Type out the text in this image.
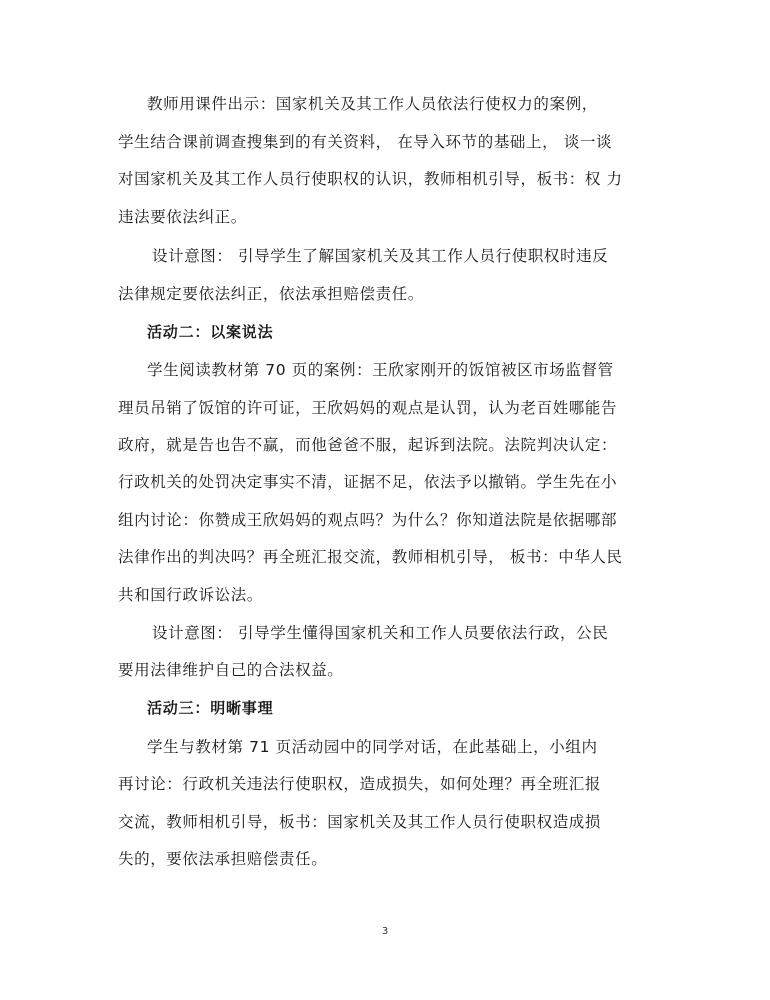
教师用课件出示：国家机关及其工作人员依法行使权力的案例，
学生结合课前调查搜集到的有关资料， 在导入环节的基础上， 谈一谈
对国家机关及其工作人员行使职权的认识，教师相机引导，板书：权 力
违法要依法纠正。
设计意图： 引导学生了解国家机关及其工作人员行使职权时违反
法律规定要依法纠正，依法承担赔偿责任。
活动二：以案说法
学生阅读教材第 70 页的案例：王欣家刚开的饭馆被区市场监督管
理员吊销了饭馆的许可证，王欣妈妈的观点是认罚，认为老百姓哪能告
政府，就是告也告不赢，而他爸爸不服，起诉到法院。法院判决认定：
行政机关的处罚决定事实不清，证据不足，依法予以撤销。学生先在小
组内讨论：你赞成王欣妈妈的观点吗？为什么？你知道法院是依据哪部
法律作出的判决吗？再全班汇报交流，教师相机引导， 板书：中华人民
共和国行政诉讼法。
设计意图： 引导学生懂得国家机关和工作人员要依法行政，公民
要用法律维护自己的合法权益。
活动三：明晰事理
学生与教材第 71 页活动园中的同学对话，在此基础上，小组内
再讨论：行政机关违法行使职权，造成损失，如何处理？再全班汇报
交流，教师相机引导，板书：国家机关及其工作人员行使职权造成损
失的，要依法承担赔偿责任。
3
